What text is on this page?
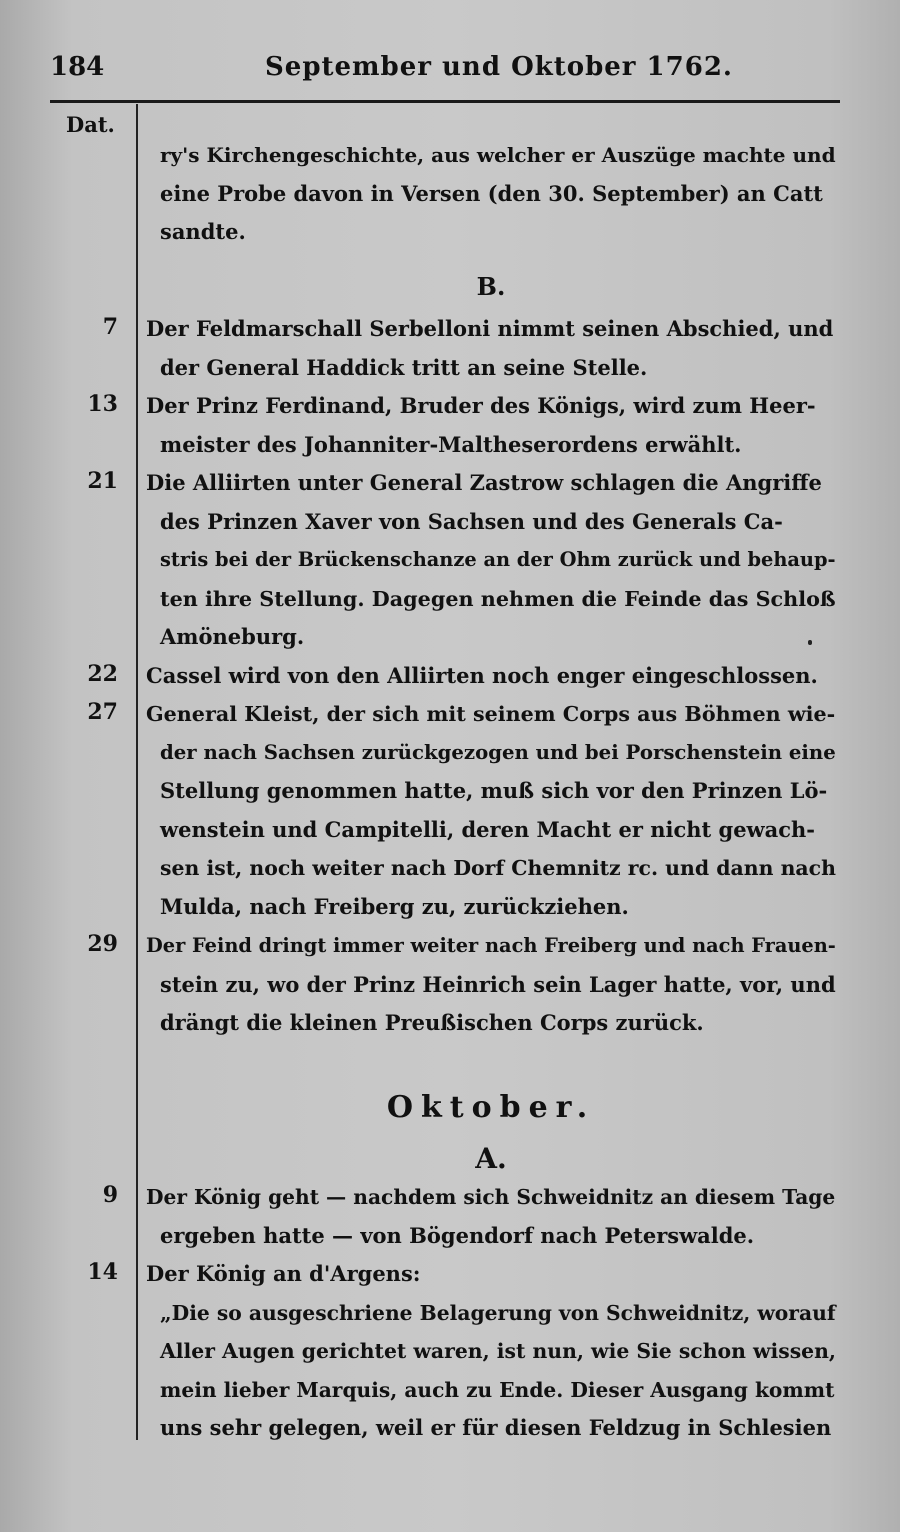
184	September und Oktober 1762.
Dat.
ry's Kirchengeschichte, aus welcher er Auszüge machte und
eine Probe davon in Versen (den 30. September) an Catt
sandte.
B.
7 Der Feldmarschall Serbelloni nimmt seinen Abschied, und
der General Haddick tritt an seine Stelle.
13 Der Prinz Ferdinand, Bruder des Königs, wird zum Heer-
meister des Johanniter-Maltheserordens erwählt.
21 Die Alliirten unter General Zastrow schlagen die Angriffe
des Prinzen Xaver von Sachsen und des Generals Ca-
stris bei der Brückenschanze an der Ohm zurück und behaup-
ten ihre Stellung. Dagegen nehmen die Feinde das Schloß
Amöneburg.
22 Cassel wird von den Alliirten noch enger eingeschlossen.
27 General Kleist, der sich mit seinem Corps aus Böhmen wie-
der nach Sachsen zurückgezogen und bei Porschenstein eine
Stellung genommen hatte, muß sich vor den Prinzen Lö-
wenstein und Campitelli, deren Macht er nicht gewach-
sen ist, noch weiter nach Dorf Chemnitz rc. und dann nach
Mulda, nach Freiberg zu, zurückziehen.
29 Der Feind dringt immer weiter nach Freiberg und nach Frauen-
stein zu, wo der Prinz Heinrich sein Lager hatte, vor, und
drängt die kleinen Preußischen Corps zurück.
Oktober.
A.
9 Der König geht — nachdem sich Schweidnitz an diesem Tage
ergeben hatte — von Bögendorf nach Peterswalde.
14 Der König an d'Argens:
„Die so ausgeschriene Belagerung von Schweidnitz, worauf
Aller Augen gerichtet waren, ist nun, wie Sie schon wissen,
mein lieber Marquis, auch zu Ende. Dieser Ausgang kommt
uns sehr gelegen, weil er für diesen Feldzug in Schlesien
